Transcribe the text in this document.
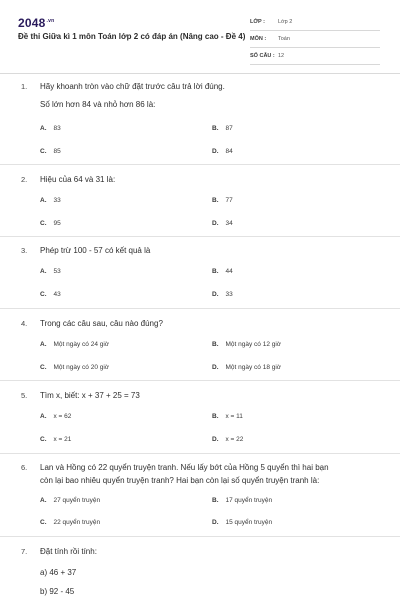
$2048^{.vn}$
Đề thi Giữa kì 1 môn Toán lớp 2 có đáp án (Nâng cao - Đề 4)
LỚP :	Lớp 2
MÔN :	Toán
SỐ CÂU : 12
1. Hãy khoanh tròn vào chữ đặt trước câu trả lời đúng.
Số lớn hơn 84 và nhỏ hơn 86 là:
A. 83	B. 87
C. 85	D. 84
2. Hiệu của 64 và 31 là:
A. 33	B. 77
C. 95	D. 34
3. Phép trừ 100 - 57 có kết quả là
A. 53	B. 44
C. 43	D. 33
4. Trong các câu sau, câu nào đúng?
A. Một ngày có 24 giờ	B. Một ngày có 12 giờ
C. Một ngày có 20 giờ	D. Một ngày có 18 giờ
5. Tìm x, biết: x + 37 + 25 = 73
A. x = 62	B. x = 11
C. x = 21	D. x = 22
6. Lan và Hồng có 22 quyển truyện tranh. Nếu lấy bớt của Hồng 5 quyển thì hai bạn
còn lại bao nhiêu quyển truyện tranh? Hai bạn còn lại số quyển truyện tranh là:
A. 27 quyển truyện	B. 17 quyển truyện
C. 22 quyển truyện	D. 15 quyển truyện
7. Đặt tính rồi tính:
a) 46 + 37
b) 92 - 45
